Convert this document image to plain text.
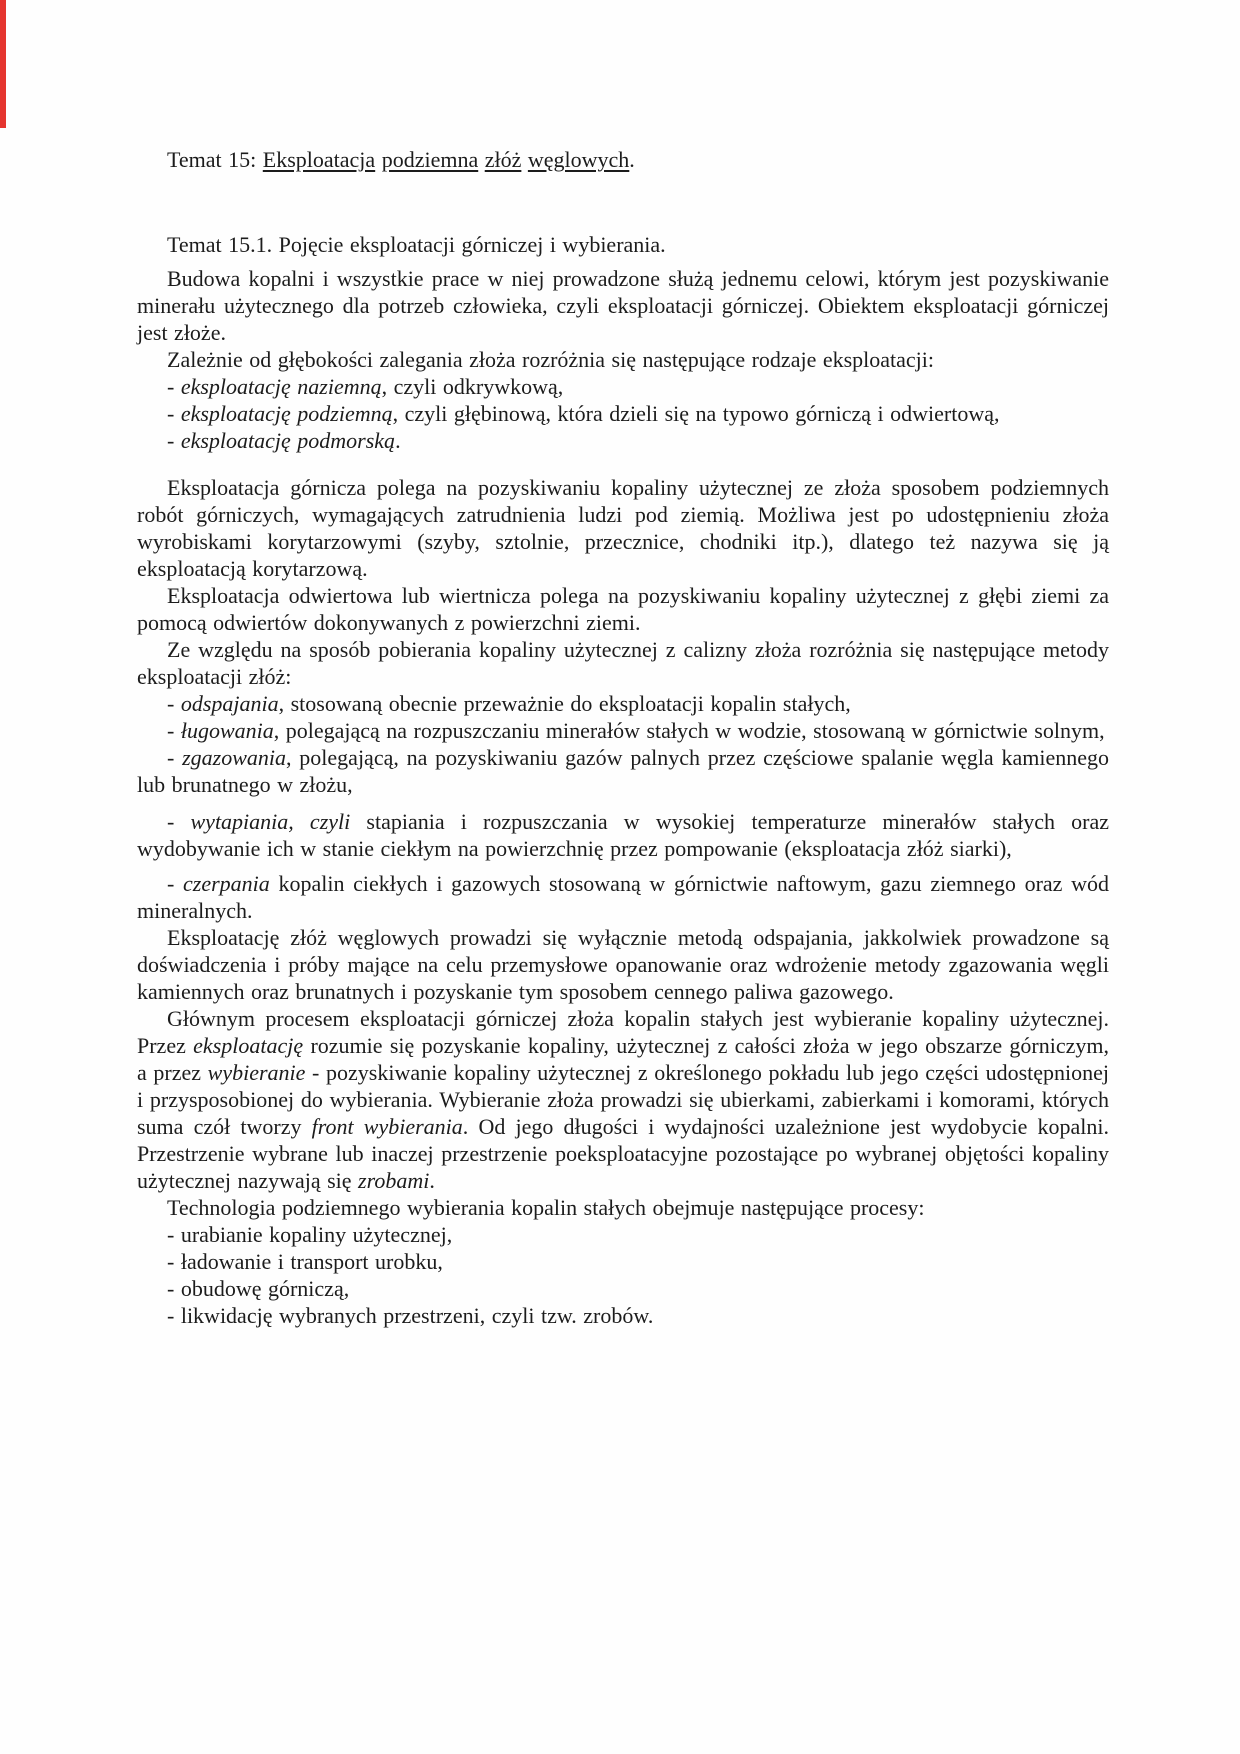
Temat 15: Eksploatacja podziemna złóż węglowych.

Temat 15.1. Pojęcie eksploatacji górniczej i wybierania.

Budowa kopalni i wszystkie prace w niej prowadzone służą jednemu celowi, którym jest pozyskiwanie minerału użytecznego dla potrzeb człowieka, czyli eksploatacji górniczej. Obiektem eksploatacji górniczej jest złoże.

Zależnie od głębokości zalegania złoża rozróżnia się następujące rodzaje eksploatacji:

- eksploatację naziemną, czyli odkrywkową,

- eksploatację podziemną, czyli głębinową, która dzieli się na typowo górniczą i odwiertową,

- eksploatację podmorską.

Eksploatacja górnicza polega na pozyskiwaniu kopaliny użytecznej ze złoża sposobem podziemnych robót górniczych, wymagających zatrudnienia ludzi pod ziemią. Możliwa jest po udostępnieniu złoża wyrobiskami korytarzowymi (szyby, sztolnie, przecznice, chodniki itp.), dlatego też nazywa się ją eksploatacją korytarzową.

Eksploatacja odwiertowa lub wiertnicza polega na pozyskiwaniu kopaliny użytecznej z głębi ziemi za pomocą odwiertów dokonywanych z powierzchni ziemi.

Ze względu na sposób pobierania kopaliny użytecznej z calizny złoża rozróżnia się następujące metody eksploatacji złóż:

- odspajania, stosowaną obecnie przeważnie do eksploatacji kopalin stałych,

- ługowania, polegającą na rozpuszczaniu minerałów stałych w wodzie, stosowaną w górnictwie solnym,

- zgazowania, polegającą, na pozyskiwaniu gazów palnych przez częściowe spalanie węgla kamiennego lub brunatnego w złożu,

- wytapiania, czyli stapiania i rozpuszczania w wysokiej temperaturze minerałów stałych oraz wydobywanie ich w stanie ciekłym na powierzchnię przez pompowanie (eksploatacja złóż siarki),

- czerpania kopalin ciekłych i gazowych stosowaną w górnictwie naftowym, gazu ziemnego oraz wód mineralnych.

Eksploatację złóż węglowych prowadzi się wyłącznie metodą odspajania, jakkolwiek prowadzone są doświadczenia i próby mające na celu przemysłowe opanowanie oraz wdrożenie metody zgazowania węgli kamiennych oraz brunatnych i pozyskanie tym sposobem cennego paliwa gazowego.

Głównym procesem eksploatacji górniczej złoża kopalin stałych jest wybieranie kopaliny użytecznej. Przez eksploatację rozumie się pozyskanie kopaliny, użytecznej z całości złoża w jego obszarze górniczym, a przez wybieranie - pozyskiwanie kopaliny użytecznej z określonego pokładu lub jego części udostępnionej i przysposobionej do wybierania. Wybieranie złoża prowadzi się ubierkami, zabierkami i komorami, których suma czół tworzy front wybierania. Od jego długości i wydajności uzależnione jest wydobycie kopalni. Przestrzenie wybrane lub inaczej przestrzenie poeksploatacyjne pozostające po wybranej objętości kopaliny użytecznej nazywają się zrobami.

Technologia podziemnego wybierania kopalin stałych obejmuje następujące procesy:

- urabianie kopaliny użytecznej,

- ładowanie i transport urobku,

- obudowę górniczą,

- likwidację wybranych przestrzeni, czyli tzw. zrobów.
